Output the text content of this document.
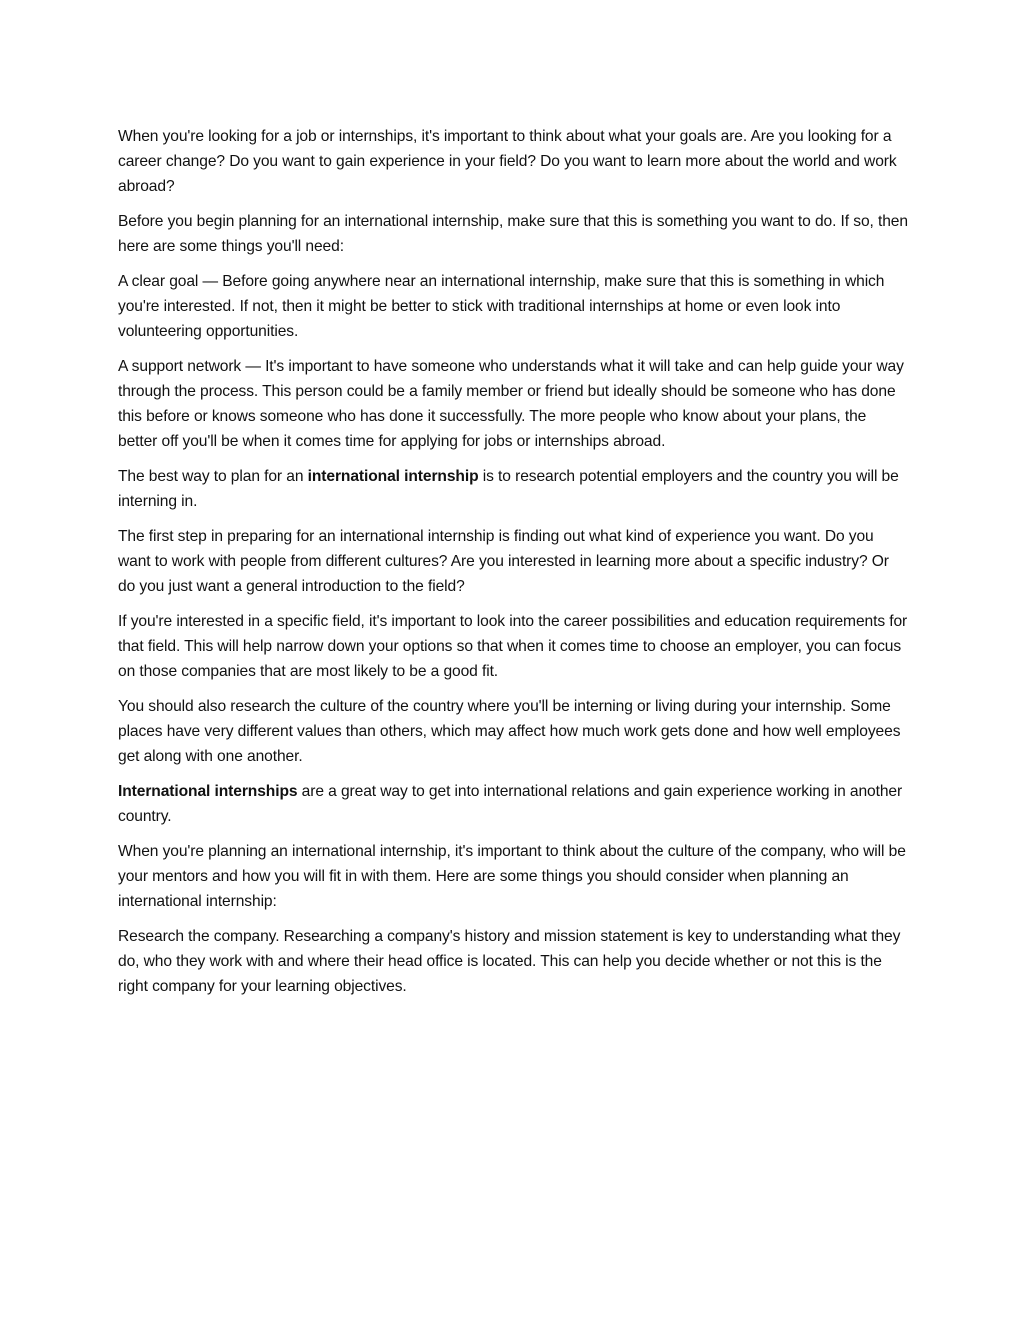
When you're looking for a job or internships, it's important to think about what your goals are. Are you looking for a career change? Do you want to gain experience in your field? Do you want to learn more about the world and work abroad?

Before you begin planning for an international internship, make sure that this is something you want to do. If so, then here are some things you'll need:

A clear goal — Before going anywhere near an international internship, make sure that this is something in which you're interested. If not, then it might be better to stick with traditional internships at home or even look into volunteering opportunities.

A support network — It's important to have someone who understands what it will take and can help guide your way through the process. This person could be a family member or friend but ideally should be someone who has done this before or knows someone who has done it successfully. The more people who know about your plans, the better off you'll be when it comes time for applying for jobs or internships abroad.

The best way to plan for an international internship is to research potential employers and the country you will be interning in.

The first step in preparing for an international internship is finding out what kind of experience you want. Do you want to work with people from different cultures? Are you interested in learning more about a specific industry? Or do you just want a general introduction to the field?

If you're interested in a specific field, it's important to look into the career possibilities and education requirements for that field. This will help narrow down your options so that when it comes time to choose an employer, you can focus on those companies that are most likely to be a good fit.

You should also research the culture of the country where you'll be interning or living during your internship. Some places have very different values than others, which may affect how much work gets done and how well employees get along with one another.

International internships are a great way to get into international relations and gain experience working in another country.

When you're planning an international internship, it's important to think about the culture of the company, who will be your mentors and how you will fit in with them. Here are some things you should consider when planning an international internship:

Research the company. Researching a company's history and mission statement is key to understanding what they do, who they work with and where their head office is located. This can help you decide whether or not this is the right company for your learning objectives.
